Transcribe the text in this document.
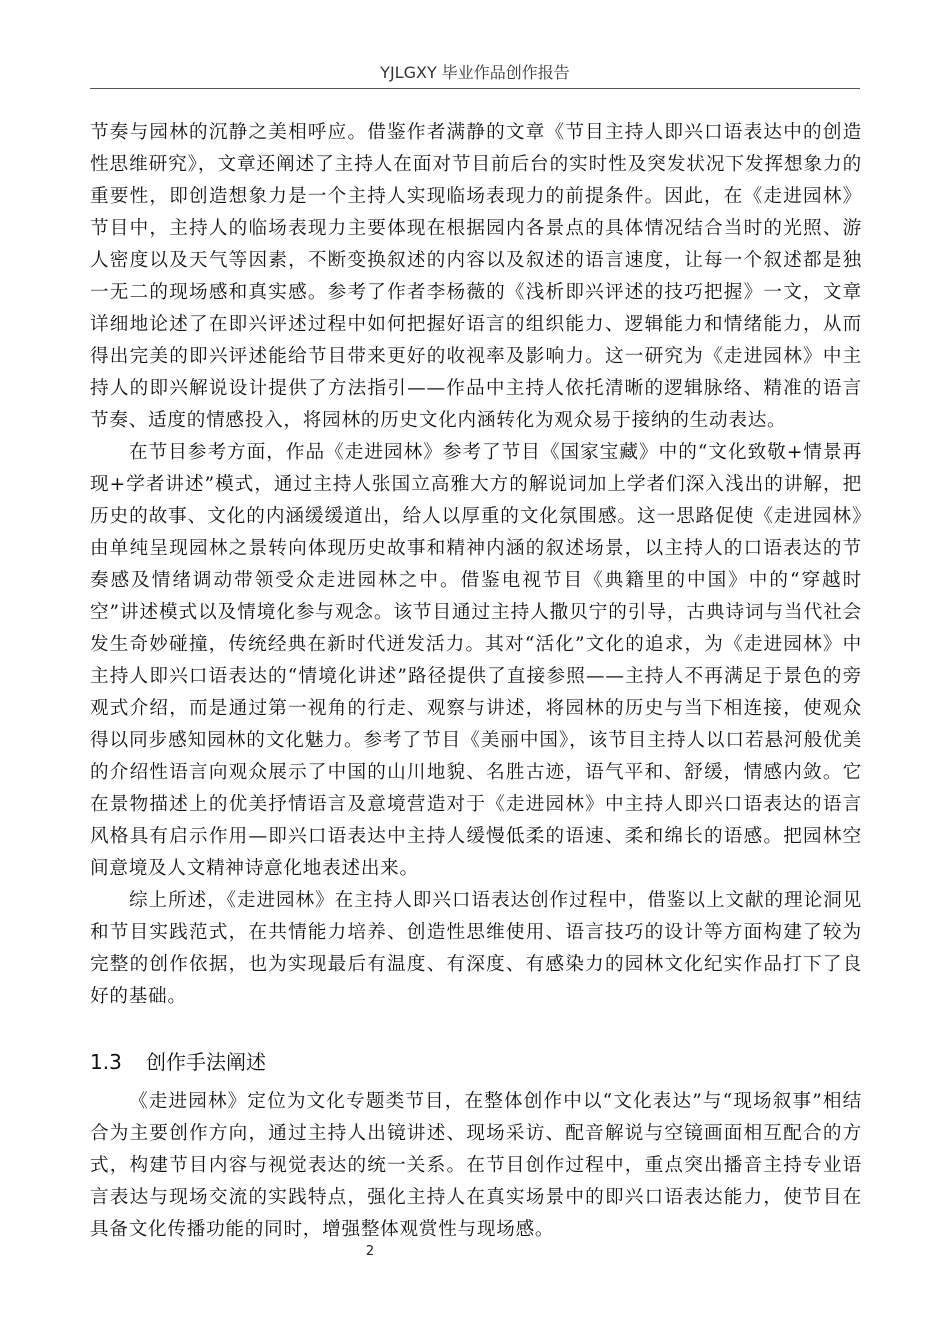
YJLGXY 毕业作品创作报告

节奏与园林的沉静之美相呼应。借鉴作者满静的文章《节目主持人即兴口语表达中的创造性思维研究》，文章还阐述了主持人在面对节目前后台的实时性及突发状况下发挥想象力的重要性，即创造想象力是一个主持人实现临场表现力的前提条件。因此，在《走进园林》节目中，主持人的临场表现力主要体现在根据园内各景点的具体情况结合当时的光照、游人密度以及天气等因素，不断变换叙述的内容以及叙述的语言速度，让每一个叙述都是独一无二的现场感和真实感。参考了作者李杨薇的《浅析即兴评述的技巧把握》一文，文章详细地论述了在即兴评述过程中如何把握好语言的组织能力、逻辑能力和情绪能力，从而得出完美的即兴评述能给节目带来更好的收视率及影响力。这一研究为《走进园林》中主持人的即兴解说设计提供了方法指引——作品中主持人依托清晰的逻辑脉络、精准的语言节奏、适度的情感投入，将园林的历史文化内涵转化为观众易于接纳的生动表达。

在节目参考方面，作品《走进园林》参考了节目《国家宝藏》中的“文化致敬+情景再现+学者讲述”模式，通过主持人张国立高雅大方的解说词加上学者们深入浅出的讲解，把历史的故事、文化的内涵缓缓道出，给人以厚重的文化氛围感。这一思路促使《走进园林》由单纯呈现园林之景转向体现历史故事和精神内涵的叙述场景，以主持人的口语表达的节奏感及情绪调动带领受众走进园林之中。借鉴电视节目《典籍里的中国》中的“穿越时空”讲述模式以及情境化参与观念。该节目通过主持人撒贝宁的引导，古典诗词与当代社会发生奇妙碰撞，传统经典在新时代迸发活力。其对“活化”文化的追求，为《走进园林》中主持人即兴口语表达的“情境化讲述”路径提供了直接参照——主持人不再满足于景色的旁观式介绍，而是通过第一视角的行走、观察与讲述，将园林的历史与当下相连接，使观众得以同步感知园林的文化魅力。参考了节目《美丽中国》，该节目主持人以口若悬河般优美的介绍性语言向观众展示了中国的山川地貌、名胜古迹，语气平和、舒缓，情感内敛。它在景物描述上的优美抒情语言及意境营造对于《走进园林》中主持人即兴口语表达的语言风格具有启示作用—即兴口语表达中主持人缓慢低柔的语速、柔和绵长的语感。把园林空间意境及人文精神诗意化地表述出来。

综上所述，《走进园林》在主持人即兴口语表达创作过程中，借鉴以上文献的理论洞见和节目实践范式，在共情能力培养、创造性思维使用、语言技巧的设计等方面构建了较为完整的创作依据，也为实现最后有温度、有深度、有感染力的园林文化纪实作品打下了良好的基础。

1.3 创作手法阐述

《走进园林》定位为文化专题类节目，在整体创作中以“文化表达”与“现场叙事”相结合为主要创作方向，通过主持人出镜讲述、现场采访、配音解说与空镜画面相互配合的方式，构建节目内容与视觉表达的统一关系。在节目创作过程中，重点突出播音主持专业语言表达与现场交流的实践特点，强化主持人在真实场景中的即兴口语表达能力，使节目在具备文化传播功能的同时，增强整体观赏性与现场感。

2
